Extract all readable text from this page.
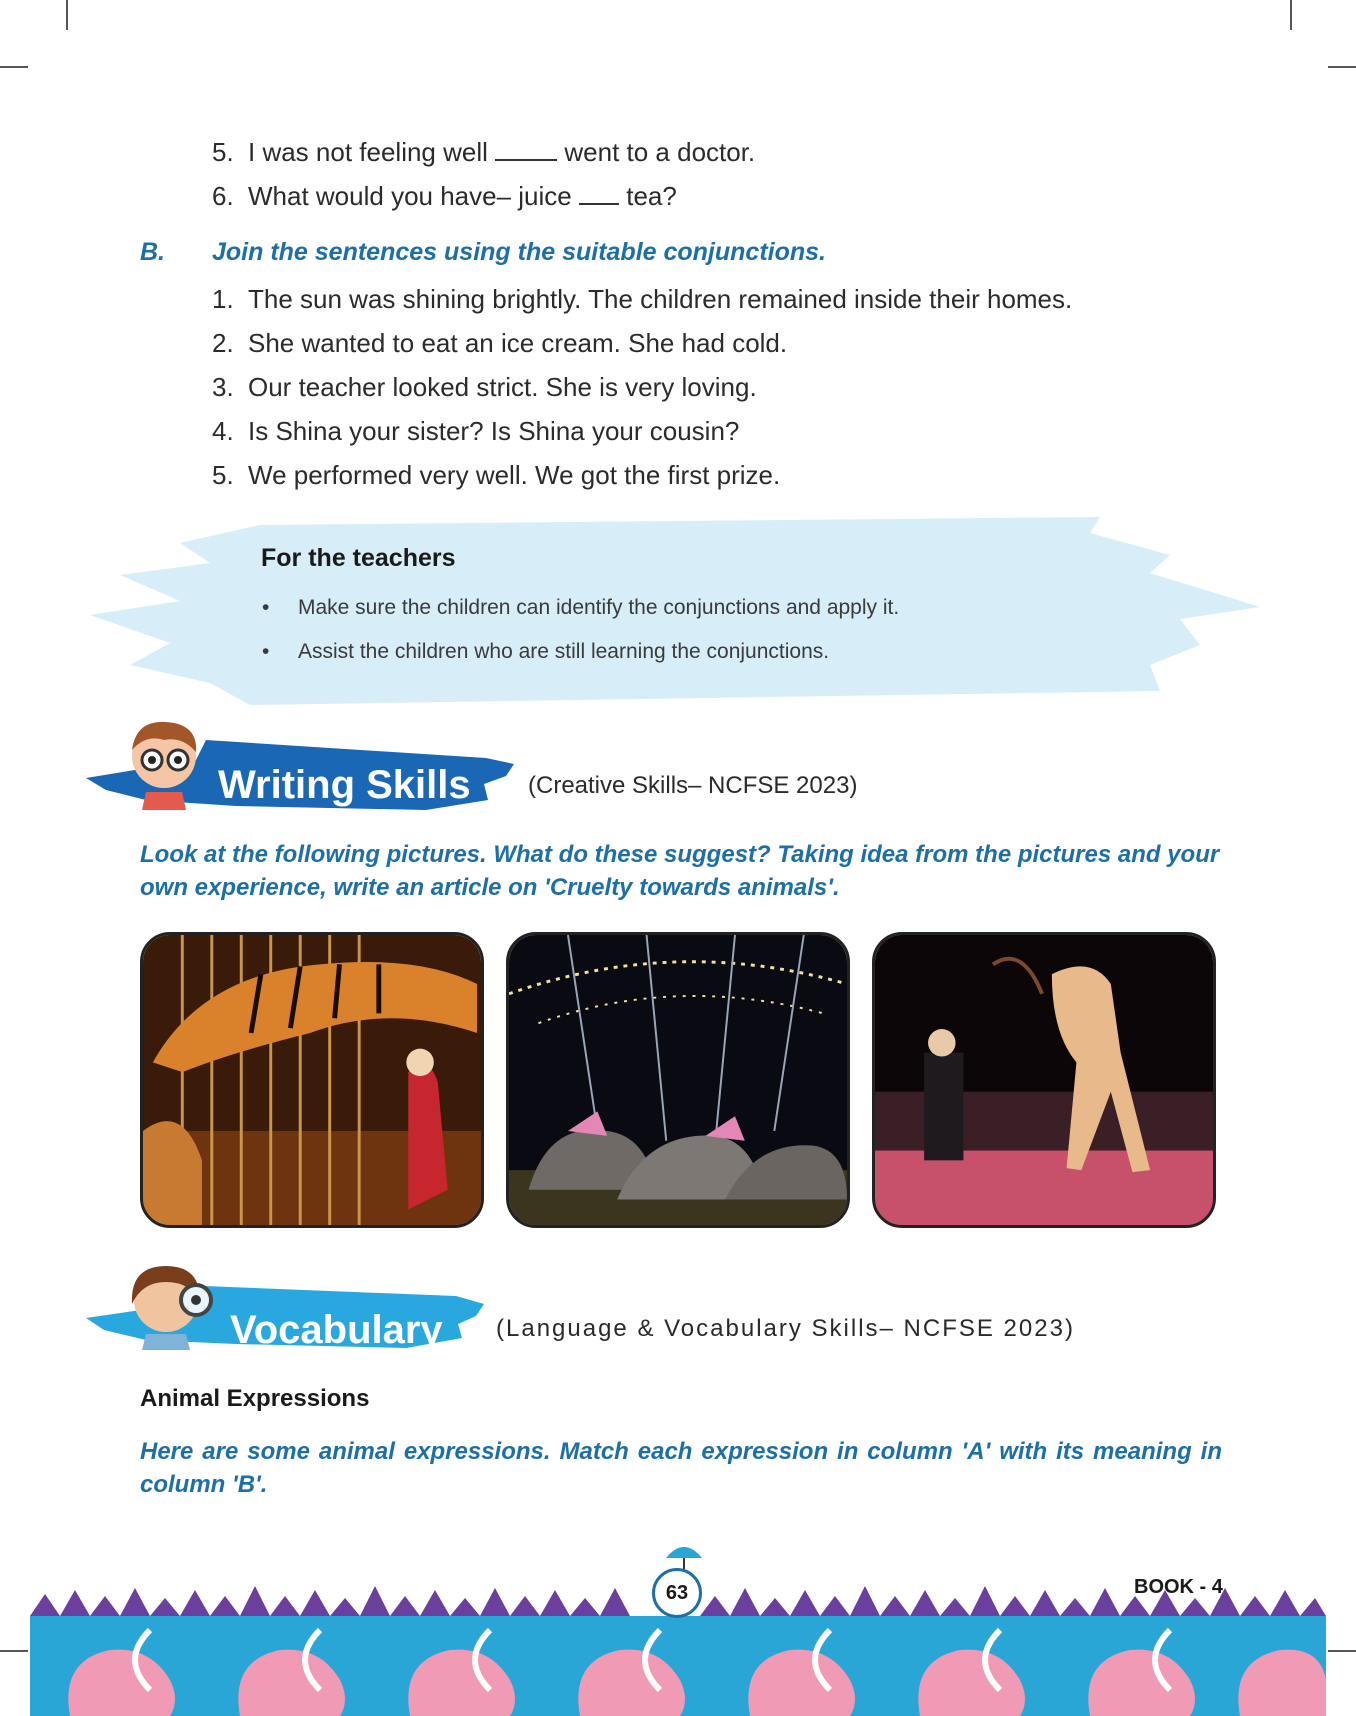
5. I was not feeling well	went to a doctor.
6. What would you have– juice tea?
B. Join the sentences using the suitable conjunctions.
1. The sun was shining brightly. The children remained inside their homes.
2. She wanted to eat an ice cream. She had cold.
3. Our teacher looked strict. She is very loving.
4. Is Shina your sister? Is Shina your cousin?
5. We performed very well. We got the first prize.
For the teachers
•	Make sure the children can identify the conjunctions and apply it.
•	Assist the children who are still learning the conjunctions.
Writing Skills (Creative Skills– NCFSE 2023)
Look at the following pictures. What do these suggest? Taking idea from the pictures and your own experience, write an article on 'Cruelty towards animals'.
Vocabulary (Language & Vocabulary Skills– NCFSE 2023)
Animal Expressions
Here are some animal expressions. Match each expression in column 'A' with its meaning in column 'B'.
63	BOOK - 4
